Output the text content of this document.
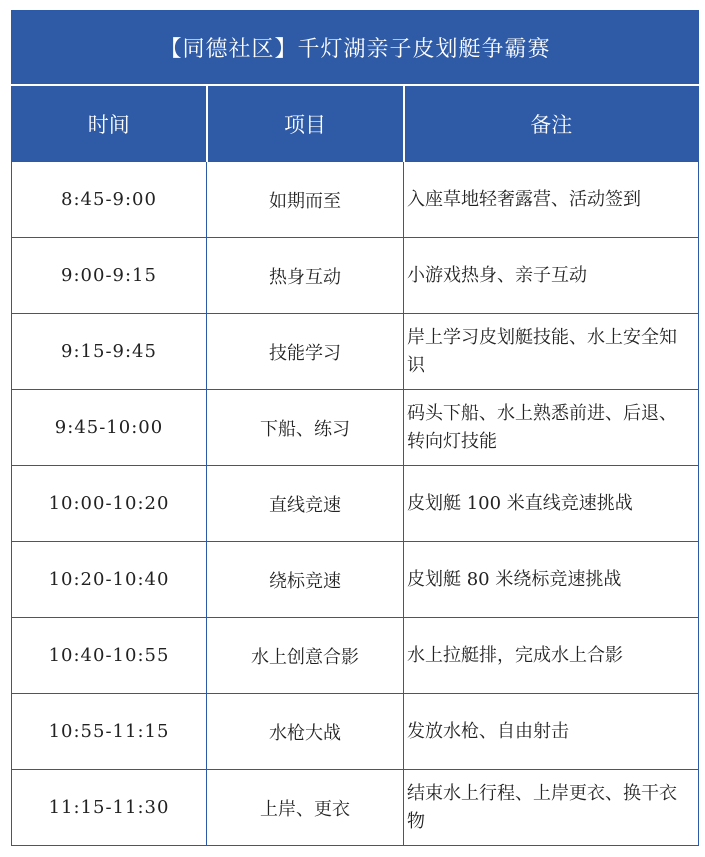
【同德社区】千灯湖亲子皮划艇争霸赛		
时间	项目	备注
8:45-9:00	如期而至	入座草地轻奢露营、活动签到
9:00-9:15	热身互动	小游戏热身、亲子互动
9:15-9:45	技能学习	岸上学习皮划艇技能、水上安全知识
9:45-10:00	下船、练习	码头下船、水上熟悉前进、后退、转向灯技能
10:00-10:20	直线竞速	皮划艇 100 米直线竞速挑战
10:20-10:40	绕标竞速	皮划艇 80 米绕标竞速挑战
10:40-10:55	水上创意合影	水上拉艇排，完成水上合影
10:55-11:15	水枪大战	发放水枪、自由射击
11:15-11:30	上岸、更衣	结束水上行程、上岸更衣、换干衣物
